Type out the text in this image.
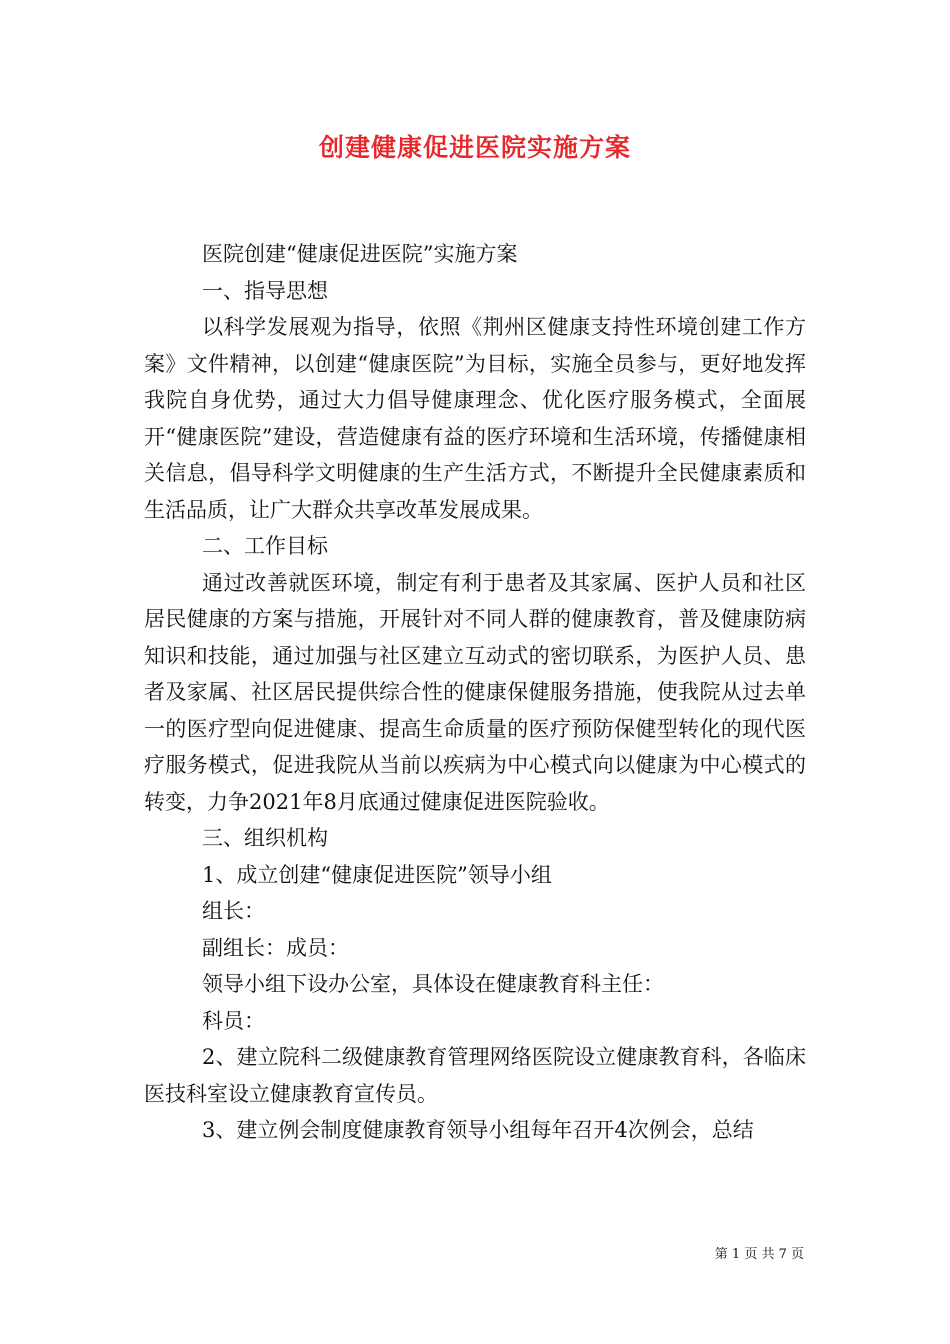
创建健康促进医院实施方案

医院创建“健康促进医院”实施方案

一、指导思想

以科学发展观为指导，依照《荆州区健康支持性环境创建工作方案》文件精神，以创建“健康医院”为目标，实施全员参与，更好地发挥我院自身优势，通过大力倡导健康理念、优化医疗服务模式，全面展开“健康医院”建设，营造健康有益的医疗环境和生活环境，传播健康相关信息，倡导科学文明健康的生产生活方式，不断提升全民健康素质和生活品质，让广大群众共享改革发展成果。

二、工作目标

通过改善就医环境，制定有利于患者及其家属、医护人员和社区居民健康的方案与措施，开展针对不同人群的健康教育，普及健康防病知识和技能，通过加强与社区建立互动式的密切联系，为医护人员、患者及家属、社区居民提供综合性的健康保健服务措施，使我院从过去单一的医疗型向促进健康、提高生命质量的医疗预防保健型转化的现代医疗服务模式，促进我院从当前以疾病为中心模式向以健康为中心模式的转变，力争2021年8月底通过健康促进医院验收。

三、组织机构

1、成立创建“健康促进医院”领导小组

组长：

副组长：成员：

领导小组下设办公室，具体设在健康教育科主任：

科员：

2、建立院科二级健康教育管理网络医院设立健康教育科，各临床医技科室设立健康教育宣传员。

3、建立例会制度健康教育领导小组每年召开4次例会，总结

第 1 页 共 7 页
